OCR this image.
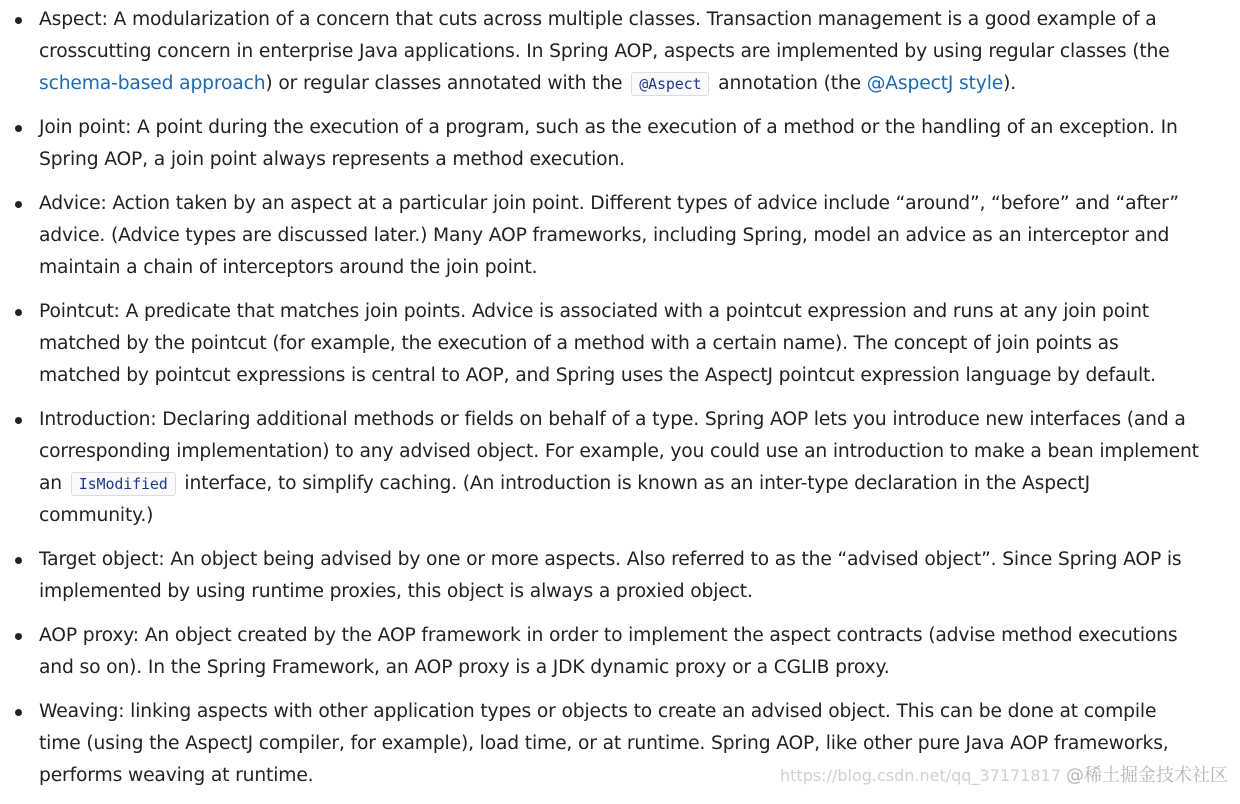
Aspect: A modularization of a concern that cuts across multiple classes. Transaction management is a good example of a crosscutting concern in enterprise Java applications. In Spring AOP, aspects are implemented by using regular classes (the schema-based approach) or regular classes annotated with the @Aspect annotation (the @AspectJ style).
Join point: A point during the execution of a program, such as the execution of a method or the handling of an exception. In Spring AOP, a join point always represents a method execution.
Advice: Action taken by an aspect at a particular join point. Different types of advice include “around”, “before” and “after” advice. (Advice types are discussed later.) Many AOP frameworks, including Spring, model an advice as an interceptor and maintain a chain of interceptors around the join point.
Pointcut: A predicate that matches join points. Advice is associated with a pointcut expression and runs at any join point matched by the pointcut (for example, the execution of a method with a certain name). The concept of join points as matched by pointcut expressions is central to AOP, and Spring uses the AspectJ pointcut expression language by default.
Introduction: Declaring additional methods or fields on behalf of a type. Spring AOP lets you introduce new interfaces (and a corresponding implementation) to any advised object. For example, you could use an introduction to make a bean implement an IsModified interface, to simplify caching. (An introduction is known as an inter-type declaration in the AspectJ community.)
Target object: An object being advised by one or more aspects. Also referred to as the “advised object”. Since Spring AOP is implemented by using runtime proxies, this object is always a proxied object.
AOP proxy: An object created by the AOP framework in order to implement the aspect contracts (advise method executions and so on). In the Spring Framework, an AOP proxy is a JDK dynamic proxy or a CGLIB proxy.
Weaving: linking aspects with other application types or objects to create an advised object. This can be done at compile time (using the AspectJ compiler, for example), load time, or at runtime. Spring AOP, like other pure Java AOP frameworks, performs weaving at runtime.	https://blog.csdn.net/qq_37171817 @稀土掘金技术社区
